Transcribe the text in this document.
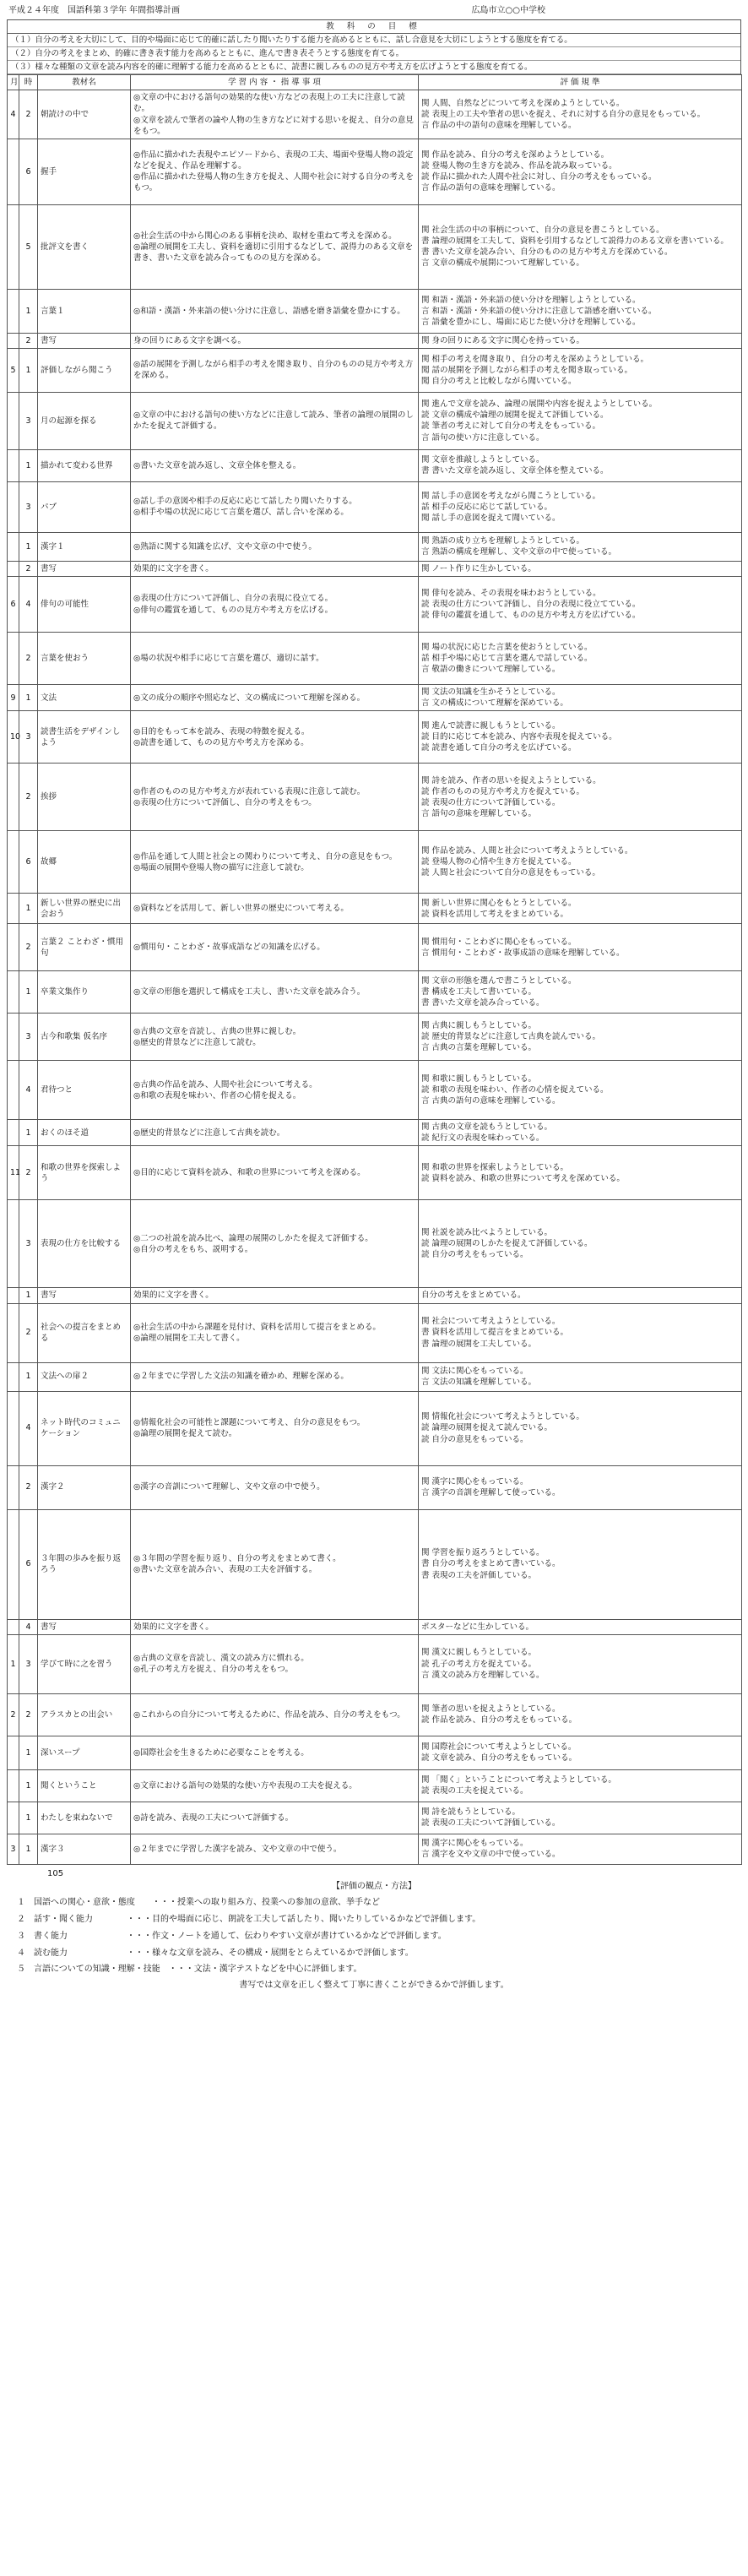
平成２４年度　国語科第３学年 年間指導計画	広島市立○○中学校
教 科 の 目 標
（１）自分の考えを大切にして、目的や場面に応じて的確に話したり聞いたりする能力を高めるとともに、話し合意見を大切にしようとする態度を育てる。
（２）自分の考えをまとめ、的確に書き表す能力を高めるとともに、進んで書き表そうとする態度を育てる。
（３）様々な種類の文章を読み内容を的確に理解する能力を高めるとともに、読書に親しみものの見方や考え方を広げようとする態度を育てる。
月	時	教材名	学 習 内 容 ・ 指 導 事 項	評 価 規 準
4	2	朝読けの中で	◎文章の中における語句の効果的な使い方などの表現上の工夫に注意して読む。
◎文章を読んで筆者の論や人物の生き方などに対する思いを捉え、自分の意見をもつ。	関 人間、自然などについて考えを深めようとしている。
読 表現上の工夫や筆者の思いを捉え、それに対する自分の意見をもっている。
言 作品の中の語句の意味を理解している。
	6	握手	◎作品に描かれた表現やエピソードから、表現の工夫、場面や登場人物の設定などを捉え、作品を理解する。
◎作品に描かれた登場人物の生き方を捉え、人間や社会に対する自分の考えをもつ。	関 作品を読み、自分の考えを深めようとしている。
読 登場人物の生き方を読み、作品を読み取っている。
読 作品に描かれた人間や社会に対し、自分の考えをもっている。
言 作品の語句の意味を理解している。
	5	批評文を書く	◎社会生活の中から関心のある事柄を決め、取材を重ねて考えを深める。
◎論理の展開を工夫し、資料を適切に引用するなどして、説得力のある文章を書き、書いた文章を読み合ってものの見方を深める。	関 社会生活の中の事柄について、自分の意見を書こうとしている。
書 論理の展開を工夫して、資料を引用するなどして説得力のある文章を書いている。
書 書いた文章を読み合い、自分のものの見方や考え方を深めている。
言 文章の構成や展開について理解している。
	1	言葉１	◎和語・漢語・外来語の使い分けに注意し、語感を磨き語彙を豊かにする。	関 和語・漢語・外来語の使い分けを理解しようとしている。
言 和語・漢語・外来語の使い分けに注意して語感を磨いている。
言 語彙を豊かにし、場面に応じた使い分けを理解している。
	2	書写	身の回りにある文字を調べる。	関 身の回りにある文字に関心を持っている。
5	1	評価しながら聞こう	◎話の展開を予測しながら相手の考えを聞き取り、自分のものの見方や考え方を深める。	関 相手の考えを聞き取り、自分の考えを深めようとしている。
聞 話の展開を予測しながら相手の考えを聞き取っている。
聞 自分の考えと比較しながら聞いている。
	3	月の起源を探る	◎文章の中における語句の使い方などに注意して読み、筆者の論理の展開のしかたを捉えて評価する。	関 進んで文章を読み、論理の展開や内容を捉えようとしている。
読 文章の構成や論理の展開を捉えて評価している。
読 筆者の考えに対して自分の考えをもっている。
言 語句の使い方に注意している。
	1	描かれて変わる世界	◎書いた文章を読み返し、文章全体を整える。	関 文章を推敲しようとしている。
書 書いた文章を読み返し、文章全体を整えている。
	3	パブ	◎話し手の意図や相手の反応に応じて話したり聞いたりする。
◎相手や場の状況に応じて言葉を選び、話し合いを深める。	関 話し手の意図を考えながら聞こうとしている。
話 相手の反応に応じて話している。
聞 話し手の意図を捉えて聞いている。
	1	漢字１	◎熟語に関する知識を広げ、文や文章の中で使う。	関 熟語の成り立ちを理解しようとしている。
言 熟語の構成を理解し、文や文章の中で使っている。
	2	書写	効果的に文字を書く。	関 ノート作りに生かしている。
6	4	俳句の可能性	◎表現の仕方について評価し、自分の表現に役立てる。
◎俳句の鑑賞を通して、ものの見方や考え方を広げる。	関 俳句を読み、その表現を味わおうとしている。
読 表現の仕方について評価し、自分の表現に役立てている。
読 俳句の鑑賞を通して、ものの見方や考え方を広げている。
	2	言葉を使おう	◎場の状況や相手に応じて言葉を選び、適切に話す。	関 場の状況に応じた言葉を使おうとしている。
話 相手や場に応じて言葉を選んで話している。
言 敬語の働きについて理解している。
9	1	文法	◎文の成分の順序や照応など、文の構成について理解を深める。	関 文法の知識を生かそうとしている。
言 文の構成について理解を深めている。
10	3	読書生活をデザインしよう	◎目的をもって本を読み、表現の特徴を捉える。
◎読書を通して、ものの見方や考え方を深める。	関 進んで読書に親しもうとしている。
読 目的に応じて本を読み、内容や表現を捉えている。
読 読書を通して自分の考えを広げている。
	2	挨拶	◎作者のものの見方や考え方が表れている表現に注意して読む。
◎表現の仕方について評価し、自分の考えをもつ。	関 詩を読み、作者の思いを捉えようとしている。
読 作者のものの見方や考え方を捉えている。
読 表現の仕方について評価している。
言 語句の意味を理解している。
	6	故郷	◎作品を通して人間と社会との関わりについて考え、自分の意見をもつ。
◎場面の展開や登場人物の描写に注意して読む。	関 作品を読み、人間と社会について考えようとしている。
読 登場人物の心情や生き方を捉えている。
読 人間と社会について自分の意見をもっている。
	1	新しい世界の歴史に出会おう	◎資料などを活用して、新しい世界の歴史について考える。	関 新しい世界に関心をもとうとしている。
読 資料を活用して考えをまとめている。
	2	言葉２ ことわざ・慣用句	◎慣用句・ことわざ・故事成語などの知識を広げる。	関 慣用句・ことわざに関心をもっている。
言 慣用句・ことわざ・故事成語の意味を理解している。
	1	卒業文集作り	◎文章の形態を選択して構成を工夫し、書いた文章を読み合う。	関 文章の形態を選んで書こうとしている。
書 構成を工夫して書いている。
書 書いた文章を読み合っている。
	3	古今和歌集 仮名序	◎古典の文章を音読し、古典の世界に親しむ。
◎歴史的背景などに注意して読む。	関 古典に親しもうとしている。
読 歴史的背景などに注意して古典を読んでいる。
言 古典の言葉を理解している。
	4	君待つと	◎古典の作品を読み、人間や社会について考える。
◎和歌の表現を味わい、作者の心情を捉える。	関 和歌に親しもうとしている。
読 和歌の表現を味わい、作者の心情を捉えている。
言 古典の語句の意味を理解している。
	1	おくのほそ道	◎歴史的背景などに注意して古典を読む。	関 古典の文章を読もうとしている。
読 紀行文の表現を味わっている。
11	2	和歌の世界を探索しよう	◎目的に応じて資料を読み、和歌の世界について考えを深める。	関 和歌の世界を探索しようとしている。
読 資料を読み、和歌の世界について考えを深めている。
	3	表現の仕方を比較する	◎二つの社説を読み比べ、論理の展開のしかたを捉えて評価する。
◎自分の考えをもち、説明する。	関 社説を読み比べようとしている。
読 論理の展開のしかたを捉えて評価している。
読 自分の考えをもっている。
	1	書写	効果的に文字を書く。	自分の考えをまとめている。
	2	社会への提言をまとめる	◎社会生活の中から課題を見付け、資料を活用して提言をまとめる。
◎論理の展開を工夫して書く。	関 社会について考えようとしている。
書 資料を活用して提言をまとめている。
書 論理の展開を工夫している。
	1	文法への扉２	◎２年までに学習した文法の知識を確かめ、理解を深める。	関 文法に関心をもっている。
言 文法の知識を理解している。
	4	ネット時代のコミュニケーション	◎情報化社会の可能性と課題について考え、自分の意見をもつ。
◎論理の展開を捉えて読む。	関 情報化社会について考えようとしている。
読 論理の展開を捉えて読んでいる。
読 自分の意見をもっている。
	2	漢字２	◎漢字の音訓について理解し、文や文章の中で使う。	関 漢字に関心をもっている。
言 漢字の音訓を理解して使っている。
	6	３年間の歩みを振り返ろう	◎３年間の学習を振り返り、自分の考えをまとめて書く。
◎書いた文章を読み合い、表現の工夫を評価する。	関 学習を振り返ろうとしている。
書 自分の考えをまとめて書いている。
書 表現の工夫を評価している。
	4	書写	効果的に文字を書く。	ポスターなどに生かしている。
1	3	学びて時に之を習う	◎古典の文章を音読し、漢文の読み方に慣れる。
◎孔子の考え方を捉え、自分の考えをもつ。	関 漢文に親しもうとしている。
読 孔子の考え方を捉えている。
言 漢文の読み方を理解している。
2	2	アラスカとの出会い	◎これからの自分について考えるために、作品を読み、自分の考えをもつ。	関 筆者の思いを捉えようとしている。
読 作品を読み、自分の考えをもっている。
	1	深いスープ	◎国際社会を生きるために必要なことを考える。	関 国際社会について考えようとしている。
読 文章を読み、自分の考えをもっている。
	1	聞くということ	◎文章における語句の効果的な使い方や表現の工夫を捉える。	関 「聞く」ということについて考えようとしている。
読 表現の工夫を捉えている。
	1	わたしを束ねないで	◎詩を読み、表現の工夫について評価する。	関 詩を読もうとしている。
読 表現の工夫について評価している。
3	1	漢字３	◎２年までに学習した漢字を読み、文や文章の中で使う。	関 漢字に関心をもっている。
言 漢字を文や文章の中で使っている。
105
【評価の観点・方法】
１　国語への関心・意欲・態度　　・・・授業への取り組み方、投業への参加の意欲、挙手など
２　話す・聞く能力　　　　・・・目的や場面に応じ、朗読を工夫して話したり、聞いたりしているかなどで評価します。
３　書く能力　　　　　　　・・・作文・ノートを通して、伝わりやすい文章が書けているかなどで評価します。
４　読む能力　　　　　　　・・・様々な文章を読み、その構成・展開をとらえているかで評価します。
５　言語についての知識・理解・技能　・・・文法・漢字テストなどを中心に評価します。
書写では文章を正しく整えて丁寧に書くことができるかで評価します。
